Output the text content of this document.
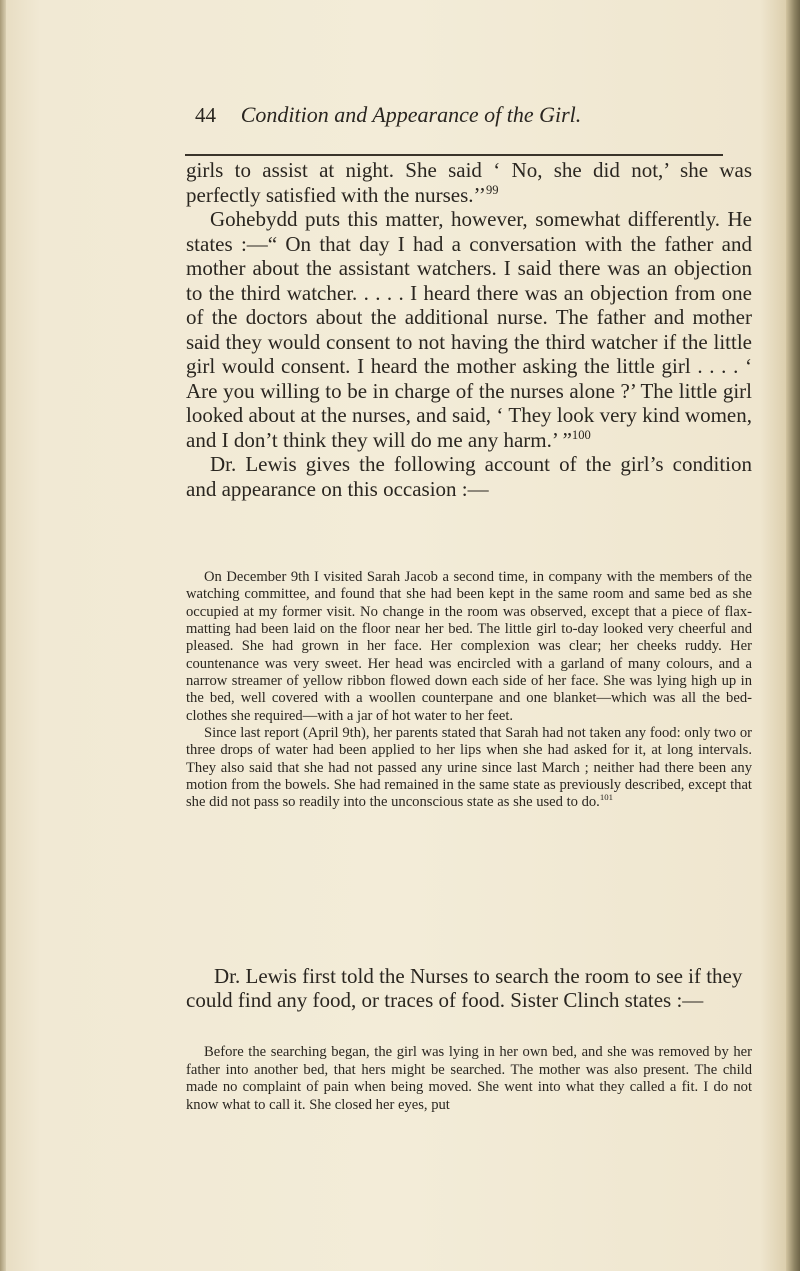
44 Condition and Appearance of the Girl.

girls to assist at night. She said ‘ No, she did not,’ she was perfectly satisfied with the nurses.’’$^{99}$

Gohebydd puts this matter, however, somewhat differently. He states :—“ On that day I had a conversation with the father and mother about the assistant watchers. I said there was an objection to the third watcher. . . . . I heard there was an objection from one of the doctors about the additional nurse. The father and mother said they would consent to not having the third watcher if the little girl would consent. I heard the mother asking the little girl . . . . ‘ Are you willing to be in charge of the nurses alone ?’ The little girl looked about at the nurses, and said, ‘ They look very kind women, and I don’t think they will do me any harm.’ ”$^{100}$

Dr. Lewis gives the following account of the girl’s condition and appearance on this occasion :—

On December 9th I visited Sarah Jacob a second time, in company with the members of the watching committee, and found that she had been kept in the same room and same bed as she occupied at my former visit. No change in the room was observed, except that a piece of flax-matting had been laid on the floor near her bed. The little girl to-day looked very cheerful and pleased. She had grown in her face. Her complexion was clear; her cheeks ruddy. Her countenance was very sweet. Her head was encircled with a garland of many colours, and a narrow streamer of yellow ribbon flowed down each side of her face. She was lying high up in the bed, well covered with a woollen counterpane and one blanket—which was all the bed-clothes she required—with a jar of hot water to her feet.

Since last report (April 9th), her parents stated that Sarah had not taken any food: only two or three drops of water had been applied to her lips when she had asked for it, at long intervals. They also said that she had not passed any urine since last March ; neither had there been any motion from the bowels. She had remained in the same state as previously described, except that she did not pass so readily into the unconscious state as she used to do.$^{101}$

Dr. Lewis first told the Nurses to search the room to see if they could find any food, or traces of food. Sister Clinch states :—

Before the searching began, the girl was lying in her own bed, and she was removed by her father into another bed, that hers might be searched. The mother was also present. The child made no complaint of pain when being moved. She went into what they called a fit. I do not know what to call it. She closed her eyes, put
